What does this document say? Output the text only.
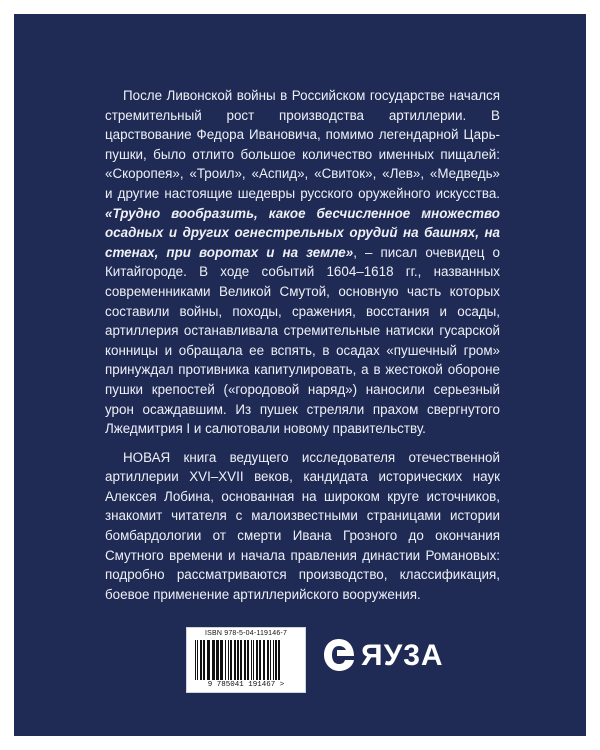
После Ливонской войны в Российском государстве начался стремительный рост производства артиллерии. В царствование Федора Ивановича, помимо легендарной Царь-пушки, было отлито большое количество именных пищалей: «Скоропея», «Троил», «Аспид», «Свиток», «Лев», «Медведь» и другие настоящие шедевры русского оружейного искусства. «Трудно вообразить, какое бесчисленное множество осадных и других огнестрельных орудий на башнях, на стенах, при воротах и на земле», – писал очевидец о Китайгороде. В ходе событий 1604–1618 гг., названных современниками Великой Смутой, основную часть которых составили войны, походы, сражения, восстания и осады, артиллерия останавливала стремительные натиски гусарской конницы и обращала ее вспять, в осадах «пушечный гром» принуждал противника капитулировать, а в жестокой обороне пушки крепостей («городовой наряд») наносили серьезный урон осаждавшим. Из пушек стреляли прахом свергнутого Лжедмитрия I и салютовали новому правительству.

НОВАЯ книга ведущего исследователя отечественной артиллерии XVI–XVII веков, кандидата исторических наук Алексея Лобина, основанная на широком круге источников, знакомит читателя с малоизвестными страницами истории бомбардологии от смерти Ивана Грозного до окончания Смутного времени и начала правления династии Романовых: подробно рассматриваются производство, классификация, боевое применение артиллерийского вооружения.

ISBN 978-5-04-119146-7
9 785041 191467 >
ЯУ3А
